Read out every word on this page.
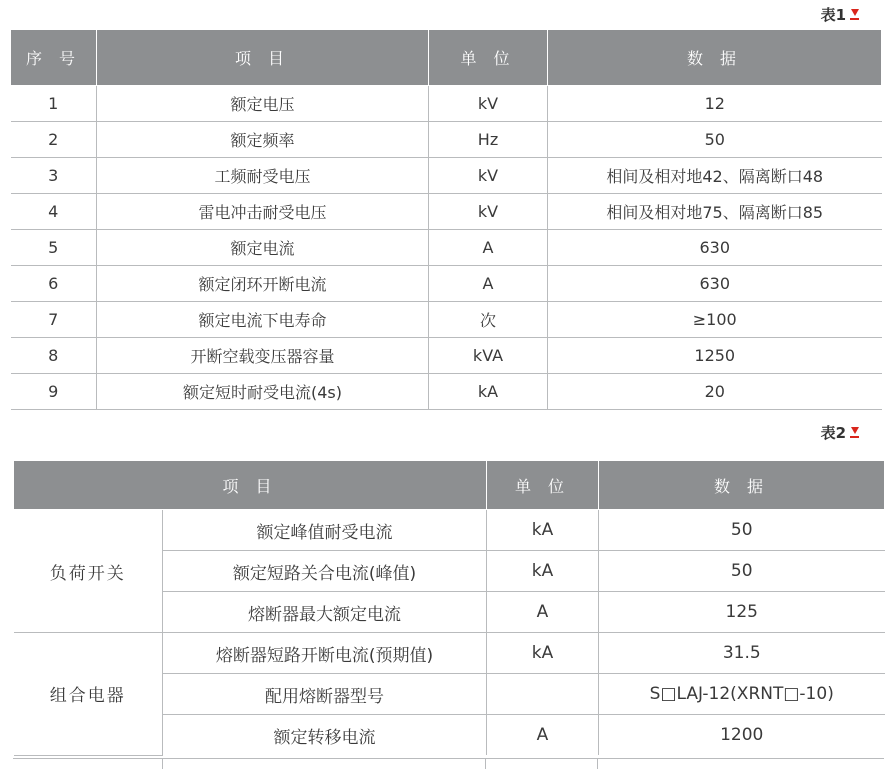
表1
序 号	项 目	单 位	数 据
1	额定电压	kV	12
2	额定频率	Hz	50
3	工频耐受电压	kV	相间及相对地42、隔离断口48
4	雷电冲击耐受电压	kV	相间及相对地75、隔离断口85
5	额定电流	A	630
6	额定闭环开断电流	A	630
7	额定电流下电寿命	次	≥100
8	开断空载变压器容量	kVA	1250
9	额定短时耐受电流(4s)	kA	20
表2
项 目		单 位	数 据
负荷开关	额定峰值耐受电流	kA	50
	额定短路关合电流(峰值)	kA	50
	熔断器最大额定电流	A	125
组合电器	熔断器短路开断电流(预期值)	kA	31.5
	配用熔断器型号		S□LAJ-12(XRNT□-10)
	额定转移电流	A	1200
